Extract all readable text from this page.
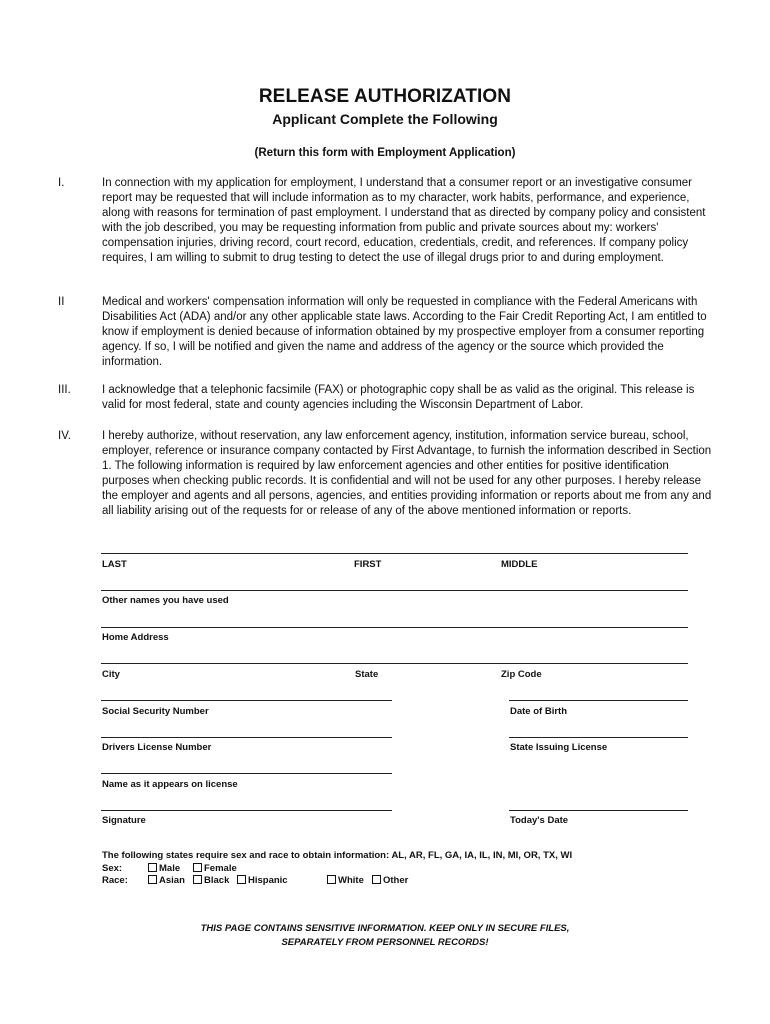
RELEASE AUTHORIZATION
Applicant Complete the Following
(Return this form with Employment Application)
I.	In connection with my application for employment, I understand that a consumer report or an investigative consumer report may be requested that will include information as to my character, work habits, performance, and experience, along with reasons for termination of past employment. I understand that as directed by company policy and consistent with the job described, you may be requesting information from public and private sources about my: workers' compensation injuries, driving record, court record, education, credentials, credit, and references. If company policy requires, I am willing to submit to drug testing to detect the use of illegal drugs prior to and during employment.
II	Medical and workers' compensation information will only be requested in compliance with the Federal Americans with Disabilities Act (ADA) and/or any other applicable state laws. According to the Fair Credit Reporting Act, I am entitled to know if employment is denied because of information obtained by my prospective employer from a consumer reporting agency. If so, I will be notified and given the name and address of the agency or the source which provided the information.
III.	I acknowledge that a telephonic facsimile (FAX) or photographic copy shall be as valid as the original. This release is valid for most federal, state and county agencies including the Wisconsin Department of Labor.
IV.	I hereby authorize, without reservation, any law enforcement agency, institution, information service bureau, school, employer, reference or insurance company contacted by First Advantage, to furnish the information described in Section 1. The following information is required by law enforcement agencies and other entities for positive identification purposes when checking public records. It is confidential and will not be used for any other purposes. I hereby release the employer and agents and all persons, agencies, and entities providing information or reports about me from any and all liability arising out of the requests for or release of any of the above mentioned information or reports.
LAST	FIRST	MIDDLE
Other names you have used
Home Address
City	State	Zip Code
Social Security Number	Date of Birth
Drivers License Number	State Issuing License
Name as it appears on license
Signature	Today's Date
The following states require sex and race to obtain information: AL, AR, FL, GA, IA, IL, IN, MI, OR, TX, WI
Sex:	Male	Female
Race:	Asian	Black	Hispanic	White	Other
THIS PAGE CONTAINS SENSITIVE INFORMATION. KEEP ONLY IN SECURE FILES,
SEPARATELY FROM PERSONNEL RECORDS!
